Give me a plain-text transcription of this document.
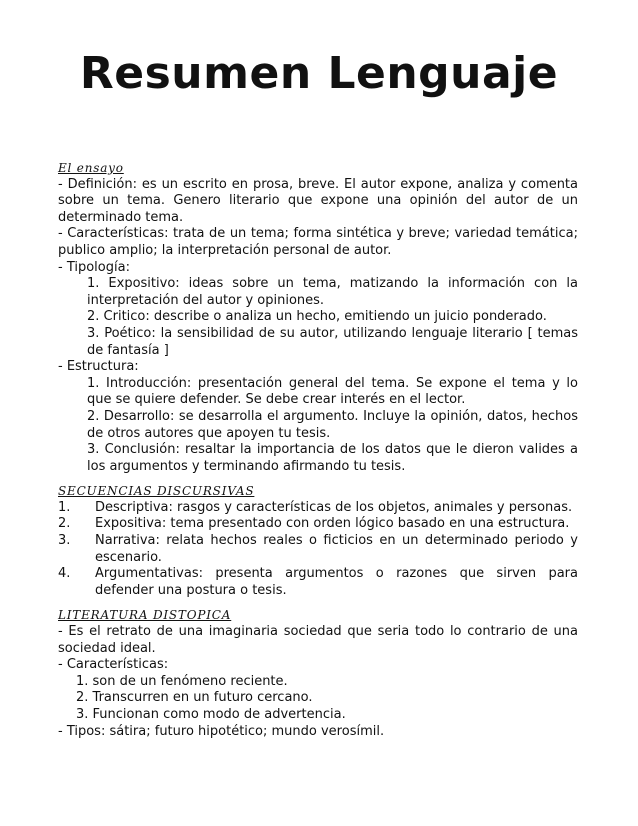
Resumen Lenguaje
El ensayo

- Definición: es un escrito en prosa, breve. El autor expone, analiza y comenta sobre un tema. Genero literario que expone una opinión del autor de un determinado tema.

- Características: trata de un tema; forma sintética y breve; variedad temática; publico amplio; la interpretación personal de autor.

- Tipología:

1. Expositivo: ideas sobre un tema, matizando la información con la interpretación del autor y opiniones.

2. Critico: describe o analiza un hecho, emitiendo un juicio ponderado.

3. Poético: la sensibilidad de su autor, utilizando lenguaje literario [ temas de fantasía ]

- Estructura:

1. Introducción: presentación general del tema. Se expone el tema y lo que se quiere defender. Se debe crear interés en el lector.

2. Desarrollo: se desarrolla el argumento. Incluye la opinión, datos, hechos de otros autores que apoyen tu tesis.

3. Conclusión: resaltar la importancia de los datos que le dieron valides a los argumentos y terminando afirmando tu tesis.

SECUENCIAS DISCURSIVAS
1.	Descriptiva: rasgos y características de los objetos, animales y personas.
2.	Expositiva: tema presentado con orden lógico basado en una estructura.
3.	Narrativa: relata hechos reales o ficticios en un determinado periodo y escenario.
4.	Argumentativas: presenta argumentos o razones que sirven para defender una postura o tesis.
LITERATURA DISTOPICA

- Es el retrato de una imaginaria sociedad que seria todo lo contrario de una sociedad ideal.

- Características:

1. son de un fenómeno reciente.

2. Transcurren en un futuro cercano.

3. Funcionan como modo de advertencia.

- Tipos: sátira; futuro hipotético; mundo verosímil.
